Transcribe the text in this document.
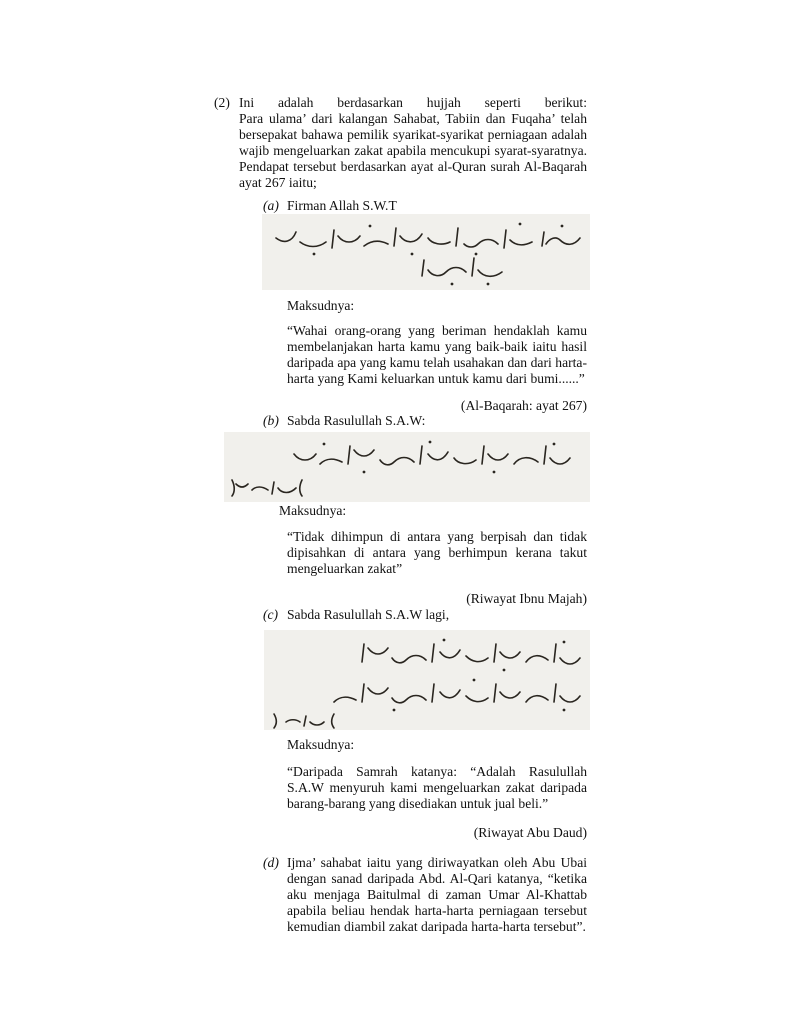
(2) Ini adalah berdasarkan hujjah seperti berikut:
Para ulama’ dari kalangan Sahabat, Tabiin dan Fuqaha’ telah bersepakat bahawa pemilik syarikat-syarikat perniagaan adalah wajib mengeluarkan zakat apabila mencukupi syarat-syaratnya. Pendapat tersebut berdasarkan ayat al-Quran surah Al-Baqarah ayat 267 iaitu;
(a) Firman Allah S.W.T
Maksudnya:
“Wahai orang-orang yang beriman hendaklah kamu membelanjakan harta kamu yang baik-baik iaitu hasil daripada apa yang kamu telah usahakan dan dari harta-harta yang Kami keluarkan untuk kamu dari bumi......”
(Al-Baqarah: ayat 267)
(b) Sabda Rasulullah S.A.W:
Maksudnya:
“Tidak dihimpun di antara yang berpisah dan tidak dipisahkan di antara yang berhimpun kerana takut mengeluarkan zakat”
(Riwayat Ibnu Majah)
(c) Sabda Rasulullah S.A.W lagi,
Maksudnya:
“Daripada Samrah katanya: “Adalah Rasulullah S.A.W menyuruh kami mengeluarkan zakat daripada barang-barang yang disediakan untuk jual beli.”
(Riwayat Abu Daud)
(d) Ijma’ sahabat iaitu yang diriwayatkan oleh Abu Ubai dengan sanad daripada Abd. Al-Qari katanya, “ketika aku menjaga Baitulmal di zaman Umar Al-Khattab apabila beliau hendak harta-harta perniagaan tersebut kemudian diambil zakat daripada harta-harta tersebut”.
